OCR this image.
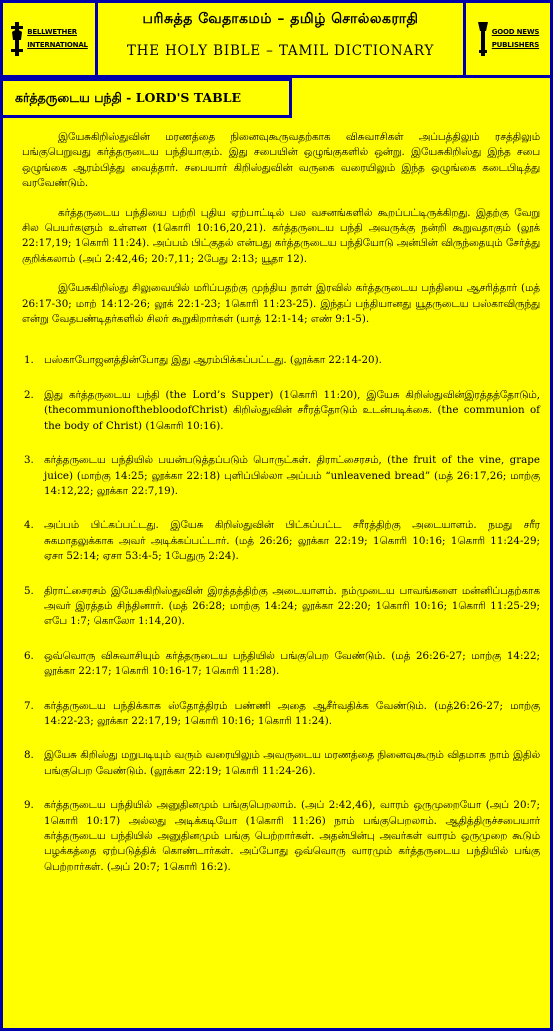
BELLWETHER
INTERNATIONAL
பரிசுத்த வேதாகமம் – தமிழ் சொல்லகராதி
THE HOLY BIBLE – TAMIL DICTIONARY
GOOD NEWS
PUBLISHERS
கர்த்தருடைய பந்தி - LORD'S TABLE

இயேசுகிறிஸ்துவின் மரணத்தை நினைவுகூருவதற்காக விசுவாசிகள் அப்பத்திலும் ரசத்திலும் பங்குபெறுவது கர்த்தருடைய பந்தியாகும். இது சபையின் ஒழுங்குகளில் ஒன்று. இயேசுகிறிஸ்து இந்த சபை ஒழுங்கை ஆரம்பித்து வைத்தார். சபையார் கிறிஸ்துவின் வருகை வரையிலும் இந்த ஒழுங்கை கடைபிடித்து வரவேண்டும்.

கர்த்தருடைய பந்தியை பற்றி புதிய ஏற்பாட்டில் பல வசனங்களில் கூறப்பட்டிருக்கிறது. இதற்கு வேறு சில பெயர்களும் உள்ளன (1கொரி 10:16,20,21). கர்த்தருடைய பந்தி அவருக்கு நன்றி கூறுவதாகும் (லூக் 22:17,19; 1கொரி 11:24). அப்பம் பிட்குதல் என்பது கர்த்தருடைய பந்தியோடு அன்பின் விருந்தையும் சேர்த்து குறிக்கலாம் (அப் 2:42,46; 20:7,11; 2பேது 2:13; யூதா 12).

இயேசுகிறிஸ்து சிலுவையில் மரிப்பதற்கு முந்திய நாள் இரவில் கர்த்தருடைய பந்தியை ஆசரித்தார் (மத் 26:17-30; மாற் 14:12-26; லூக் 22:1-23; 1கொரி 11:23-25). இந்தப் பந்தியானது யூதருடைய பஸ்காவிருந்து என்று வேதபண்டிதர்களில் சிலர் கூறுகிறார்கள் (யாத் 12:1-14; எண் 9:1-5).

1. பஸ்காபோஜனத்தின்போது இது ஆரம்பிக்கப்பட்டது. (லூக்கா 22:14-20).
2. இது கர்த்தருடைய பந்தி (the Lord’s Supper) (1கொரி 11:20), இயேசு கிறிஸ்துவின்இரத்தத்தோடும்,(thecommunionofthebloodofChrist) கிறிஸ்துவின் சரீரத்தோடும் உடன்படிக்கை. (the communion of the body of Christ) (1கொரி 10:16).
3. கர்த்தருடைய பந்தியில் பயன்படுத்தப்படும் பொருட்கள். திராட்சைரசம், (the fruit of the vine, grape juice) (மாற்கு 14:25; லூக்கா 22:18) புளிப்பில்லா அப்பம் “unleavened bread” (மத் 26:17,26; மாற்கு 14:12,22; லூக்கா 22:7,19).
4. அப்பம் பிட்கப்பட்டது. இயேசு கிறிஸ்துவின் பிட்கப்பட்ட சரீரத்திற்கு அடையாளம். நமது சரீர சுகமாதலுக்காக அவர் அடிக்கப்பட்டார். (மத் 26:26; லூக்கா 22:19; 1கொரி 10:16; 1கொரி 11:24-29; ஏசா 52:14; ஏசா 53:4-5; 1பேதுரு 2:24).
5. திராட்சைரசம் இயேசுகிறிஸ்துவின் இரத்தத்திற்கு அடையாளம். நம்முடைய பாவங்களை மன்னிப்பதற்காக அவர் இரத்தம் சிந்தினார். (மத் 26:28; மாற்கு 14:24; லூக்கா 22:20; 1கொரி 10:16; 1கொரி 11:25-29; எபே 1:7; கொலோ 1:14,20).
6. ஒவ்வொரு விசுவாசியும் கர்த்தருடைய பந்தியில் பங்குபெற வேண்டும். (மத் 26:26-27; மாற்கு 14:22; லூக்கா 22:17; 1கொரி 10:16-17; 1கொரி 11:28).
7. கர்த்தருடைய பந்திக்காக ஸ்தோத்திரம் பண்ணி அதை ஆசீர்வதிக்க வேண்டும். (மத்26:26-27; மாற்கு 14:22-23; லூக்கா 22:17,19; 1கொரி 10:16; 1கொரி 11:24).
8. இயேசு கிறிஸ்து மறுபடியும் வரும் வரையிலும் அவருடைய மரணத்தை நினைவுகூரும் விதமாக நாம் இதில் பங்குபெற வேண்டும். (லூக்கா 22:19; 1கொரி 11:24-26).
9. கர்த்தருடைய பந்தியில் அனுதினமும் பங்குபெறலாம். (அப் 2:42,46), வாரம் ஒருமுறையோ (அப் 20:7; 1கொரி 10:17) அல்லது அடிக்கடியோ (1கொரி 11:26) நாம் பங்குபெறலாம். ஆதித்திருச்சபையார் கர்த்தருடைய பந்தியில் அனுதினமும் பங்கு பெற்றார்கள். அதன்பின்பு அவர்கள் வாரம் ஒருமுறை கூடும் பழக்கத்தை ஏற்படுத்திக் கொண்டார்கள். அப்போது ஒவ்வொரு வாரமும் கர்த்தருடைய பந்தியில் பங்கு பெற்றார்கள். (அப் 20:7; 1கொரி 16:2).
